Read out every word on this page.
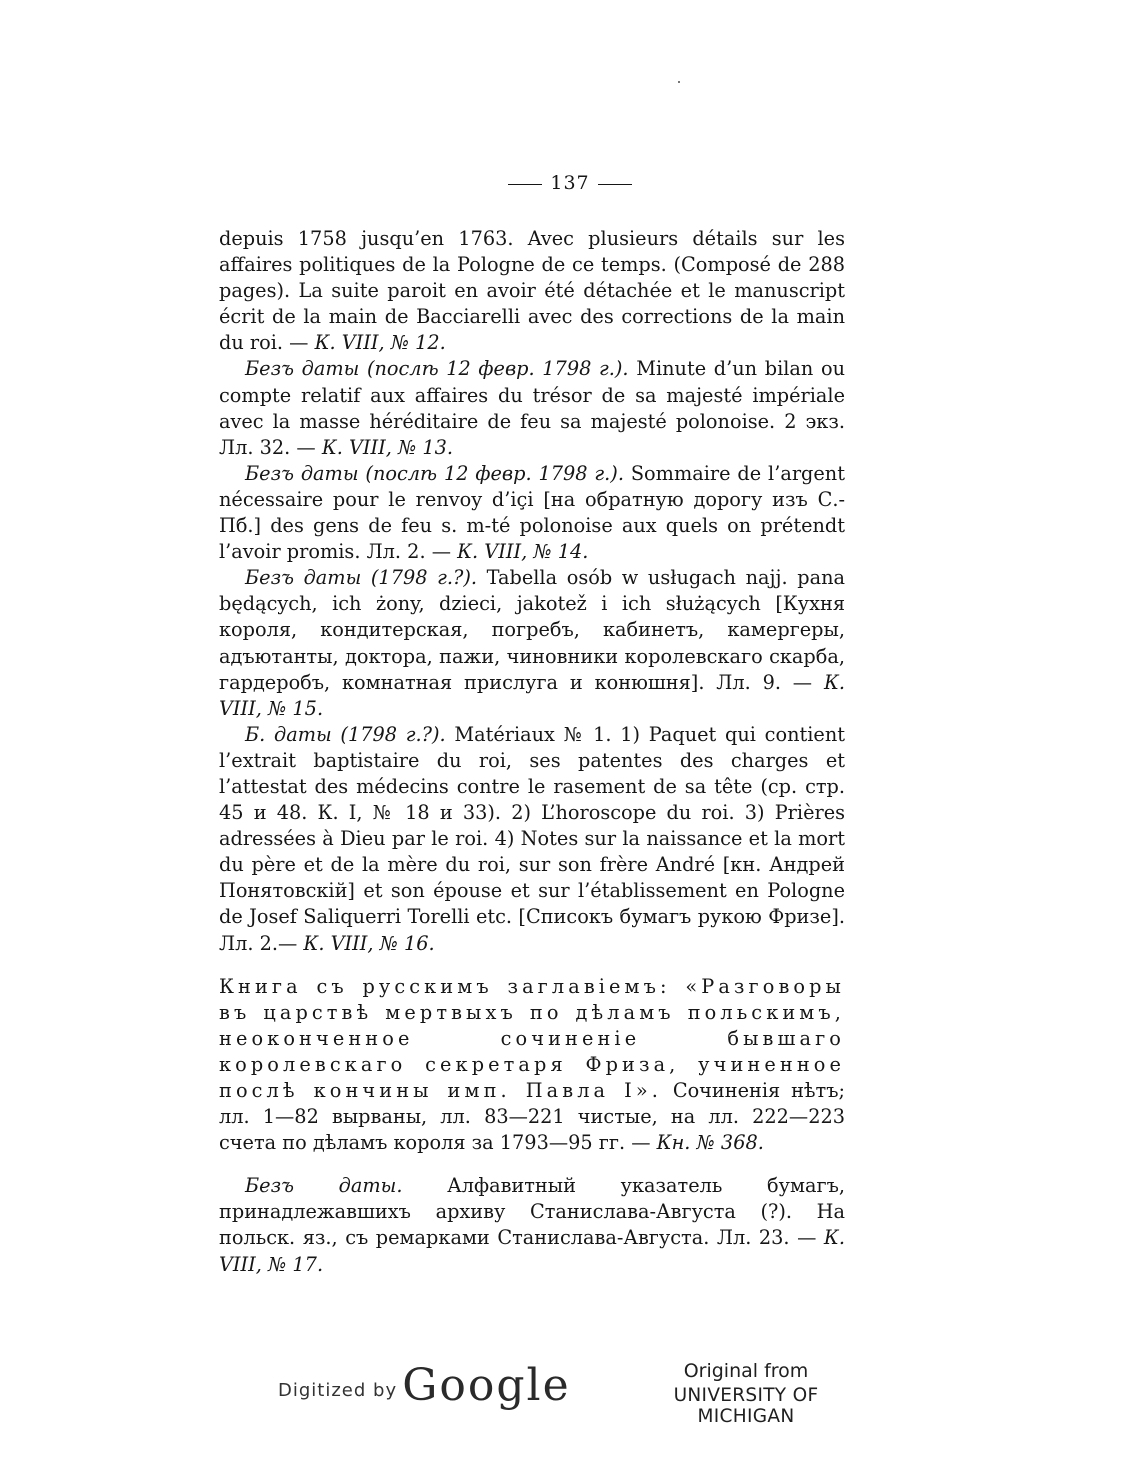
137

depuis 1758 jusqu’en 1763. Avec plusieurs détails sur les affaires politiques de la Pologne de ce temps. (Composé de 288 pages). La suite paroit en avoir été détachée et le manuscript écrit de la main de Bacciarelli avec des corrections de la main du roi. — К. VIII, № 12.

Безъ даты (послѣ 12 февр. 1798 г.). Minute d’un bilan ou compte relatif aux affaires du trésor de sa majesté impériale avec la masse héréditaire de feu sa majesté polonoise. 2 экз. Лл. 32. — К. VIII, № 13.

Безъ даты (послѣ 12 февр. 1798 г.). Sommaire de l’argent nécessaire pour le renvoy d’içi [на обратную дорогу изъ С.-Пб.] des gens de feu s. m-té polonoise aux quels on prétendt l’avoir promis. Лл. 2. — К. VIII, № 14.

Безъ даты (1798 г.?). Tabella osób w usługach najj. pana będących, ich żony, dzieci, jakotež i ich służących [Кухня короля, кондитерская, погребъ, кабинетъ, камергеры, адъютанты, доктора, пажи, чиновники королевскаго скарба, гардеробъ, комнатная прислуга и конюшня]. Лл. 9. — К. VIII, № 15.

Б. даты (1798 г.?). Matériaux № 1. 1) Paquet qui contient l’extrait baptistaire du roi, ses patentes des charges et l’attestat des médecins contre le rasement de sa tête (ср. стр. 45 и 48. К. I, № 18 и 33). 2) L’horoscope du roi. 3) Prières adressées à Dieu par le roi. 4) Notes sur la naissance et la mort du père et de la mère du roi, sur son frère André [кн. Андрей Понятовскій] et son épouse et sur l’établissement en Pologne de Josef Saliquerri Torelli etc. [Списокъ бумагъ рукою Фризе]. Лл. 2.— К. VIII, № 16.

Книга съ русскимъ заглавіемъ: «Разговоры въ царствѣ мертвыхъ по дѣламъ польскимъ, неоконченное сочиненіе бывшаго королевскаго секретаря Фриза, учиненное послѣ кончины имп. Павла I». Сочиненія нѣтъ; лл. 1—82 вырваны, лл. 83—221 чистые, на лл. 222—223 счета по дѣламъ короля за 1793—95 гг. — Кн. № 368.

Безъ даты. Алфавитный указатель бумагъ, принадлежавшихъ архиву Станислава-Августа (?). На польск. яз., съ ремарками Станислава-Августа. Лл. 23. — К. VIII, № 17.

Digitized by Google	Original from
UNIVERSITY OF MICHIGAN
